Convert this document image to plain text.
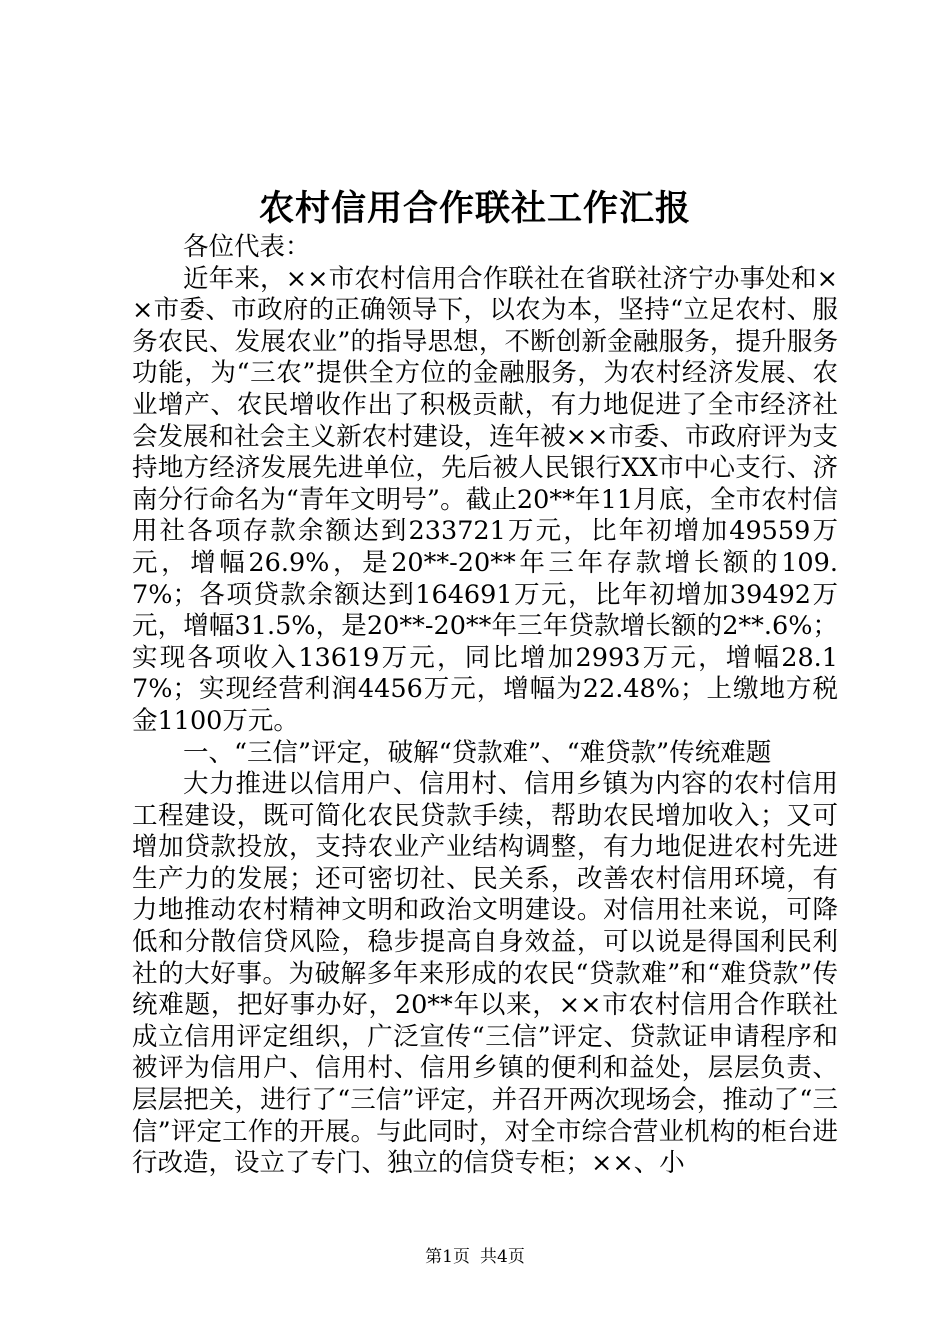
农村信用合作联社工作汇报

各位代表：

近年来，××市农村信用合作联社在省联社济宁办事处和××市委、市政府的正确领导下，以农为本，坚持“立足农村、服务农民、发展农业”的指导思想，不断创新金融服务，提升服务功能，为“三农”提供全方位的金融服务，为农村经济发展、农业增产、农民增收作出了积极贡献，有力地促进了全市经济社会发展和社会主义新农村建设，连年被××市委、市政府评为支持地方经济发展先进单位，先后被人民银行XX市中心支行、济南分行命名为“青年文明号”。截止20**年11月底，全市农村信用社各项存款余额达到233721万元，比年初增加49559万元，增幅26.9%，是20**-20**年三年存款增长额的109.7%；各项贷款余额达到164691万元，比年初增加39492万元，增幅31.5%，是20**-20**年三年贷款增长额的2**.6%；实现各项收入13619万元，同比增加2993万元，增幅28.17%；实现经营利润4456万元，增幅为22.48%；上缴地方税金1100万元。

一、“三信”评定，破解“贷款难”、“难贷款”传统难题

大力推进以信用户、信用村、信用乡镇为内容的农村信用工程建设，既可简化农民贷款手续，帮助农民增加收入；又可增加贷款投放，支持农业产业结构调整，有力地促进农村先进生产力的发展；还可密切社、民关系，改善农村信用环境，有力地推动农村精神文明和政治文明建设。对信用社来说，可降低和分散信贷风险，稳步提高自身效益，可以说是得国利民利社的大好事。为破解多年来形成的农民“贷款难”和“难贷款”传统难题，把好事办好，20**年以来，××市农村信用合作联社成立信用评定组织，广泛宣传“三信”评定、贷款证申请程序和被评为信用户、信用村、信用乡镇的便利和益处，层层负责、层层把关，进行了“三信”评定，并召开两次现场会，推动了“三信”评定工作的开展。与此同时，对全市综合营业机构的柜台进行改造，设立了专门、独立的信贷专柜；××、小

第1页 共4页
